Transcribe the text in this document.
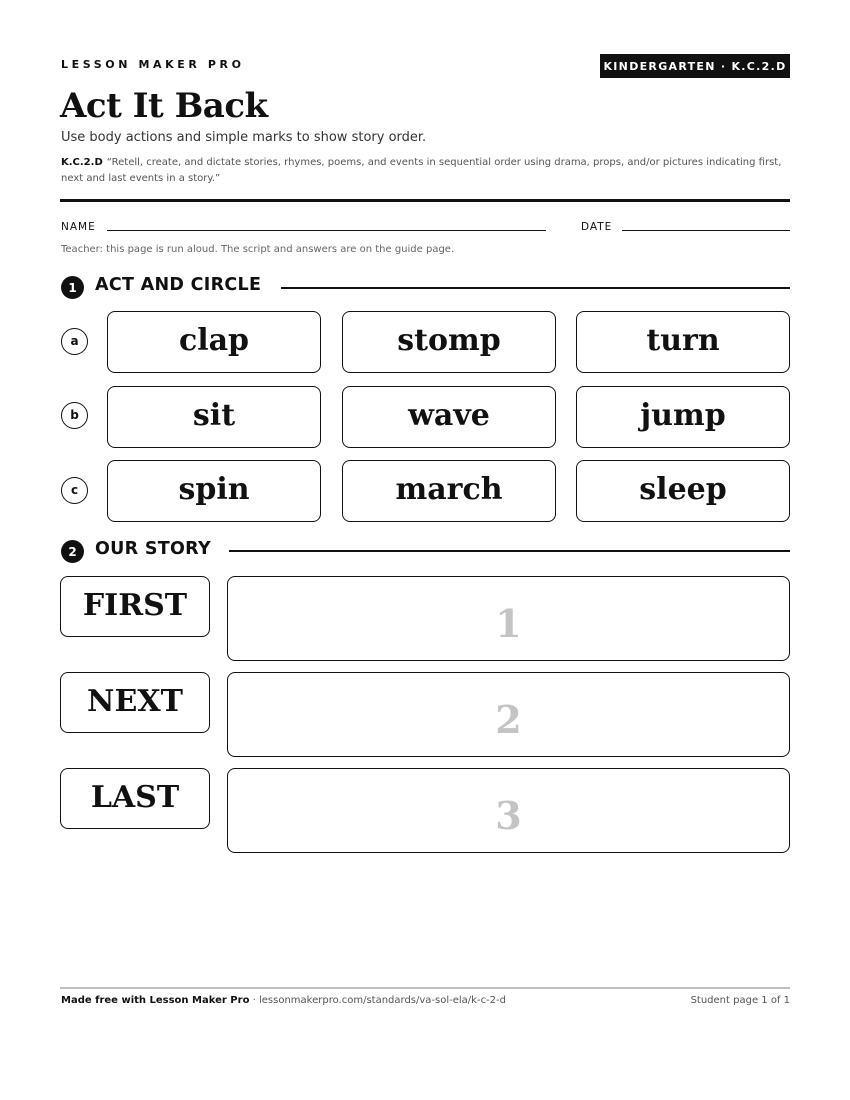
LESSON MAKER PRO	KINDERGARTEN · K.C.2.D
Act It Back

Use body actions and simple marks to show story order.

K.C.2.D “Retell, create, and dictate stories, rhymes, poems, and events in sequential order using drama, props, and/or pictures indicating first, next and last events in a story.”

NAME	DATE

Teacher: this page is run aloud. The script and answers are on the guide page.

1	ACT AND CIRCLE
a	clap	stomp	turn
b	sit	wave	jump
c	spin	march	sleep
2	OUR STORY
FIRST	1
NEXT	2
LAST	3
Made free with Lesson Maker Pro · lessonmakerpro.com/standards/va-sol-ela/k-c-2-d	Student page 1 of 1
